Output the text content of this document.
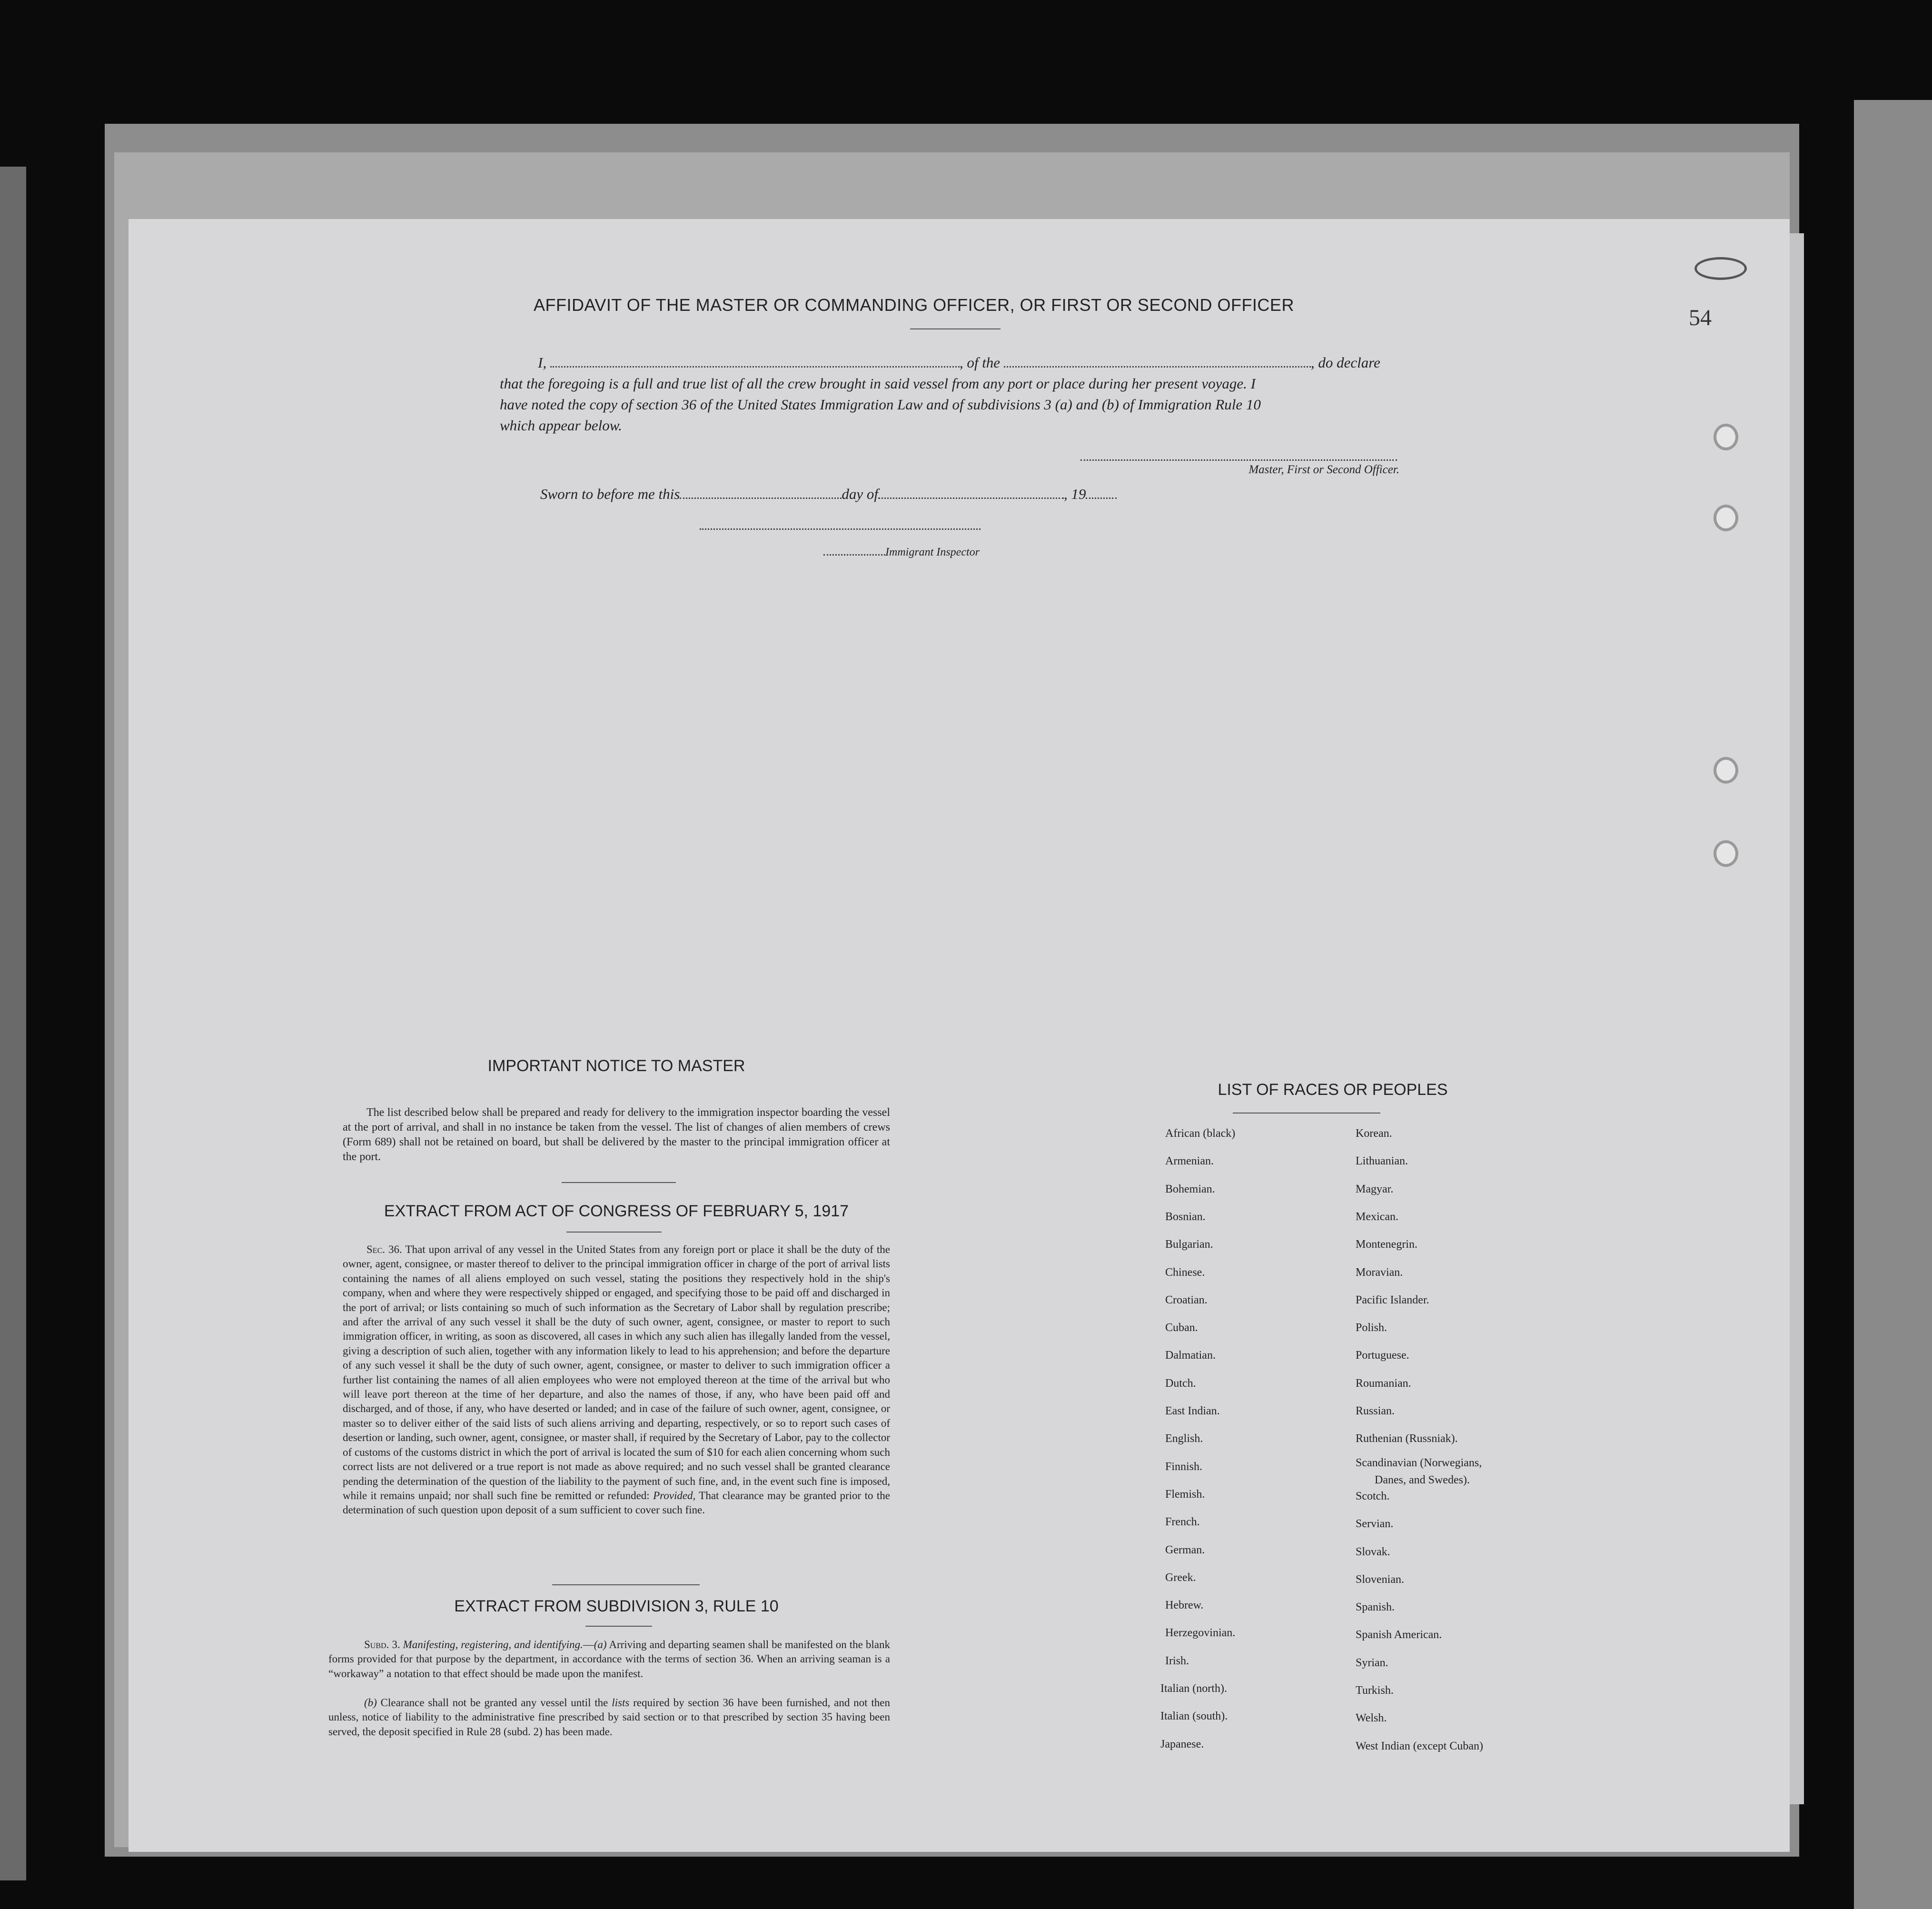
54
AFFIDAVIT OF THE MASTER OR COMMANDING OFFICER, OR FIRST OR SECOND OFFICER
I,	, of the	, do declare
that the foregoing is a full and true list of all the crew brought in said vessel from any port or place during her present voyage. I
have noted the copy of section 36 of the United States Immigration Law and of subdivisions 3 (a) and (b) of Immigration Rule 10
which appear below.
Master, First or Second Officer.
Sworn to before me this	day of	, 19
Immigrant Inspector
IMPORTANT NOTICE TO MASTER
The list described below shall be prepared and ready for delivery to the immigration inspector boarding the vessel at the port of arrival, and shall in no instance be taken from the vessel. The list of changes of alien members of crews (Form 689) shall not be retained on board, but shall be delivered by the master to the principal immigration officer at the port.
EXTRACT FROM ACT OF CONGRESS OF FEBRUARY 5, 1917
Sec. 36. That upon arrival of any vessel in the United States from any foreign port or place it shall be the duty of the owner, agent, consignee, or master thereof to deliver to the principal immigration officer in charge of the port of arrival lists containing the names of all aliens employed on such vessel, stating the positions they respectively hold in the ship's company, when and where they were respectively shipped or engaged, and specifying those to be paid off and discharged in the port of arrival; or lists containing so much of such information as the Secretary of Labor shall by regulation prescribe; and after the arrival of any such vessel it shall be the duty of such owner, agent, consignee, or master to report to such immigration officer, in writing, as soon as discovered, all cases in which any such alien has illegally landed from the vessel, giving a description of such alien, together with any information likely to lead to his apprehension; and before the departure of any such vessel it shall be the duty of such owner, agent, consignee, or master to deliver to such immigration officer a further list containing the names of all alien employees who were not employed thereon at the time of the arrival but who will leave port thereon at the time of her departure, and also the names of those, if any, who have been paid off and discharged, and of those, if any, who have deserted or landed; and in case of the failure of such owner, agent, consignee, or master so to deliver either of the said lists of such aliens arriving and departing, respectively, or so to report such cases of desertion or landing, such owner, agent, consignee, or master shall, if required by the Secretary of Labor, pay to the collector of customs of the customs district in which the port of arrival is located the sum of $10 for each alien concerning whom such correct lists are not delivered or a true report is not made as above required; and no such vessel shall be granted clearance pending the determination of the question of the liability to the payment of such fine, and, in the event such fine is imposed, while it remains unpaid; nor shall such fine be remitted or refunded: Provided, That clearance may be granted prior to the determination of such question upon deposit of a sum sufficient to cover such fine.
EXTRACT FROM SUBDIVISION 3, RULE 10
Subd. 3. Manifesting, registering, and identifying.—(a) Arriving and departing seamen shall be manifested on the blank forms provided for that purpose by the department, in accordance with the terms of section 36. When an arriving seaman is a “workaway” a notation to that effect should be made upon the manifest.
(b) Clearance shall not be granted any vessel until the lists required by section 36 have been furnished, and not then unless, notice of liability to the administrative fine prescribed by said section or to that prescribed by section 35 having been served, the deposit specified in Rule 28 (subd. 2) has been made.
LIST OF RACES OR PEOPLES
African (black)
Armenian.
Bohemian.
Bosnian.
Bulgarian.
Chinese.
Croatian.
Cuban.
Dalmatian.
Dutch.
East Indian.
English.
Finnish.
Flemish.
French.
German.
Greek.
Hebrew.
Herzegovinian.
Irish.
Italian (north).
Italian (south).
Japanese.
Korean.
Lithuanian.
Magyar.
Mexican.
Montenegrin.
Moravian.
Pacific Islander.
Polish.
Portuguese.
Roumanian.
Russian.
Ruthenian (Russniak).
Scandinavian (Norwegians,
Danes, and Swedes).
Scotch.
Servian.
Slovak.
Slovenian.
Spanish.
Spanish American.
Syrian.
Turkish.
Welsh.
West Indian (except Cuban)
